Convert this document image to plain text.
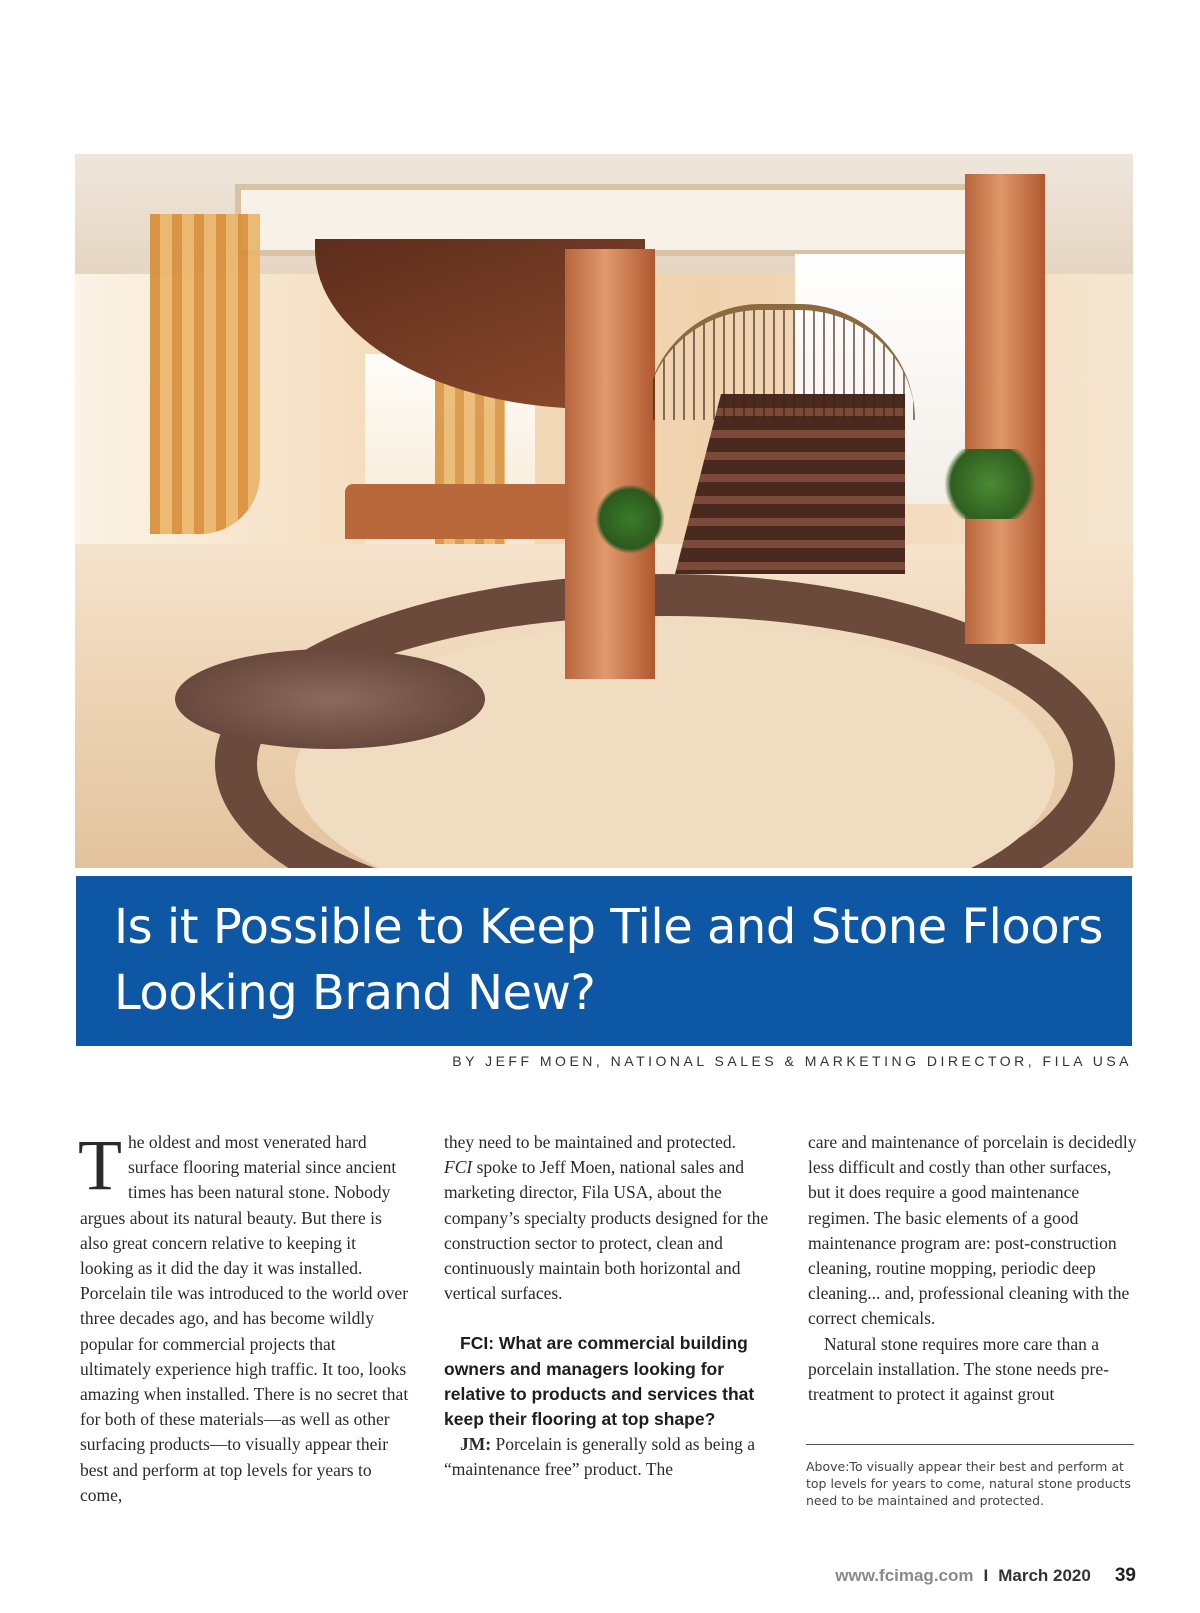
Is it Possible to Keep Tile and Stone Floors
Looking Brand New?
BY JEFF MOEN, NATIONAL SALES & MARKETING DIRECTOR, FILA USA

The oldest and most venerated hard surface flooring material since ancient times has been natural stone. Nobody argues about its natural beauty. But there is also great concern relative to keeping it looking as it did the day it was installed. Porcelain tile was introduced to the world over three decades ago, and has become wildly popular for commercial projects that ultimately experience high traffic. It too, looks amazing when installed. There is no secret that for both of these materials—as well as other surfacing products—to visually appear their best and perform at top levels for years to come,

they need to be maintained and protected.
FCI spoke to Jeff Moen, national sales and marketing director, Fila USA, about the company’s specialty products designed for the construction sector to protect, clean and continuously maintain both horizontal and vertical surfaces.

FCI: What are commercial building owners and managers looking for relative to products and services that keep their flooring at top shape?

JM: Porcelain is generally sold as being a “maintenance free” product. The

care and maintenance of porcelain is decidedly less difficult and costly than other surfaces, but it does require a good maintenance regimen. The basic elements of a good maintenance program are: post-construction cleaning, routine mopping, periodic deep cleaning... and, professional cleaning with the correct chemicals.

Natural stone requires more care than a porcelain installation. The stone needs pre-treatment to protect it against grout

Above:To visually appear their best and perform at top levels for years to come, natural stone products need to be maintained and protected.
www.fcimag.com I March 2020 39
